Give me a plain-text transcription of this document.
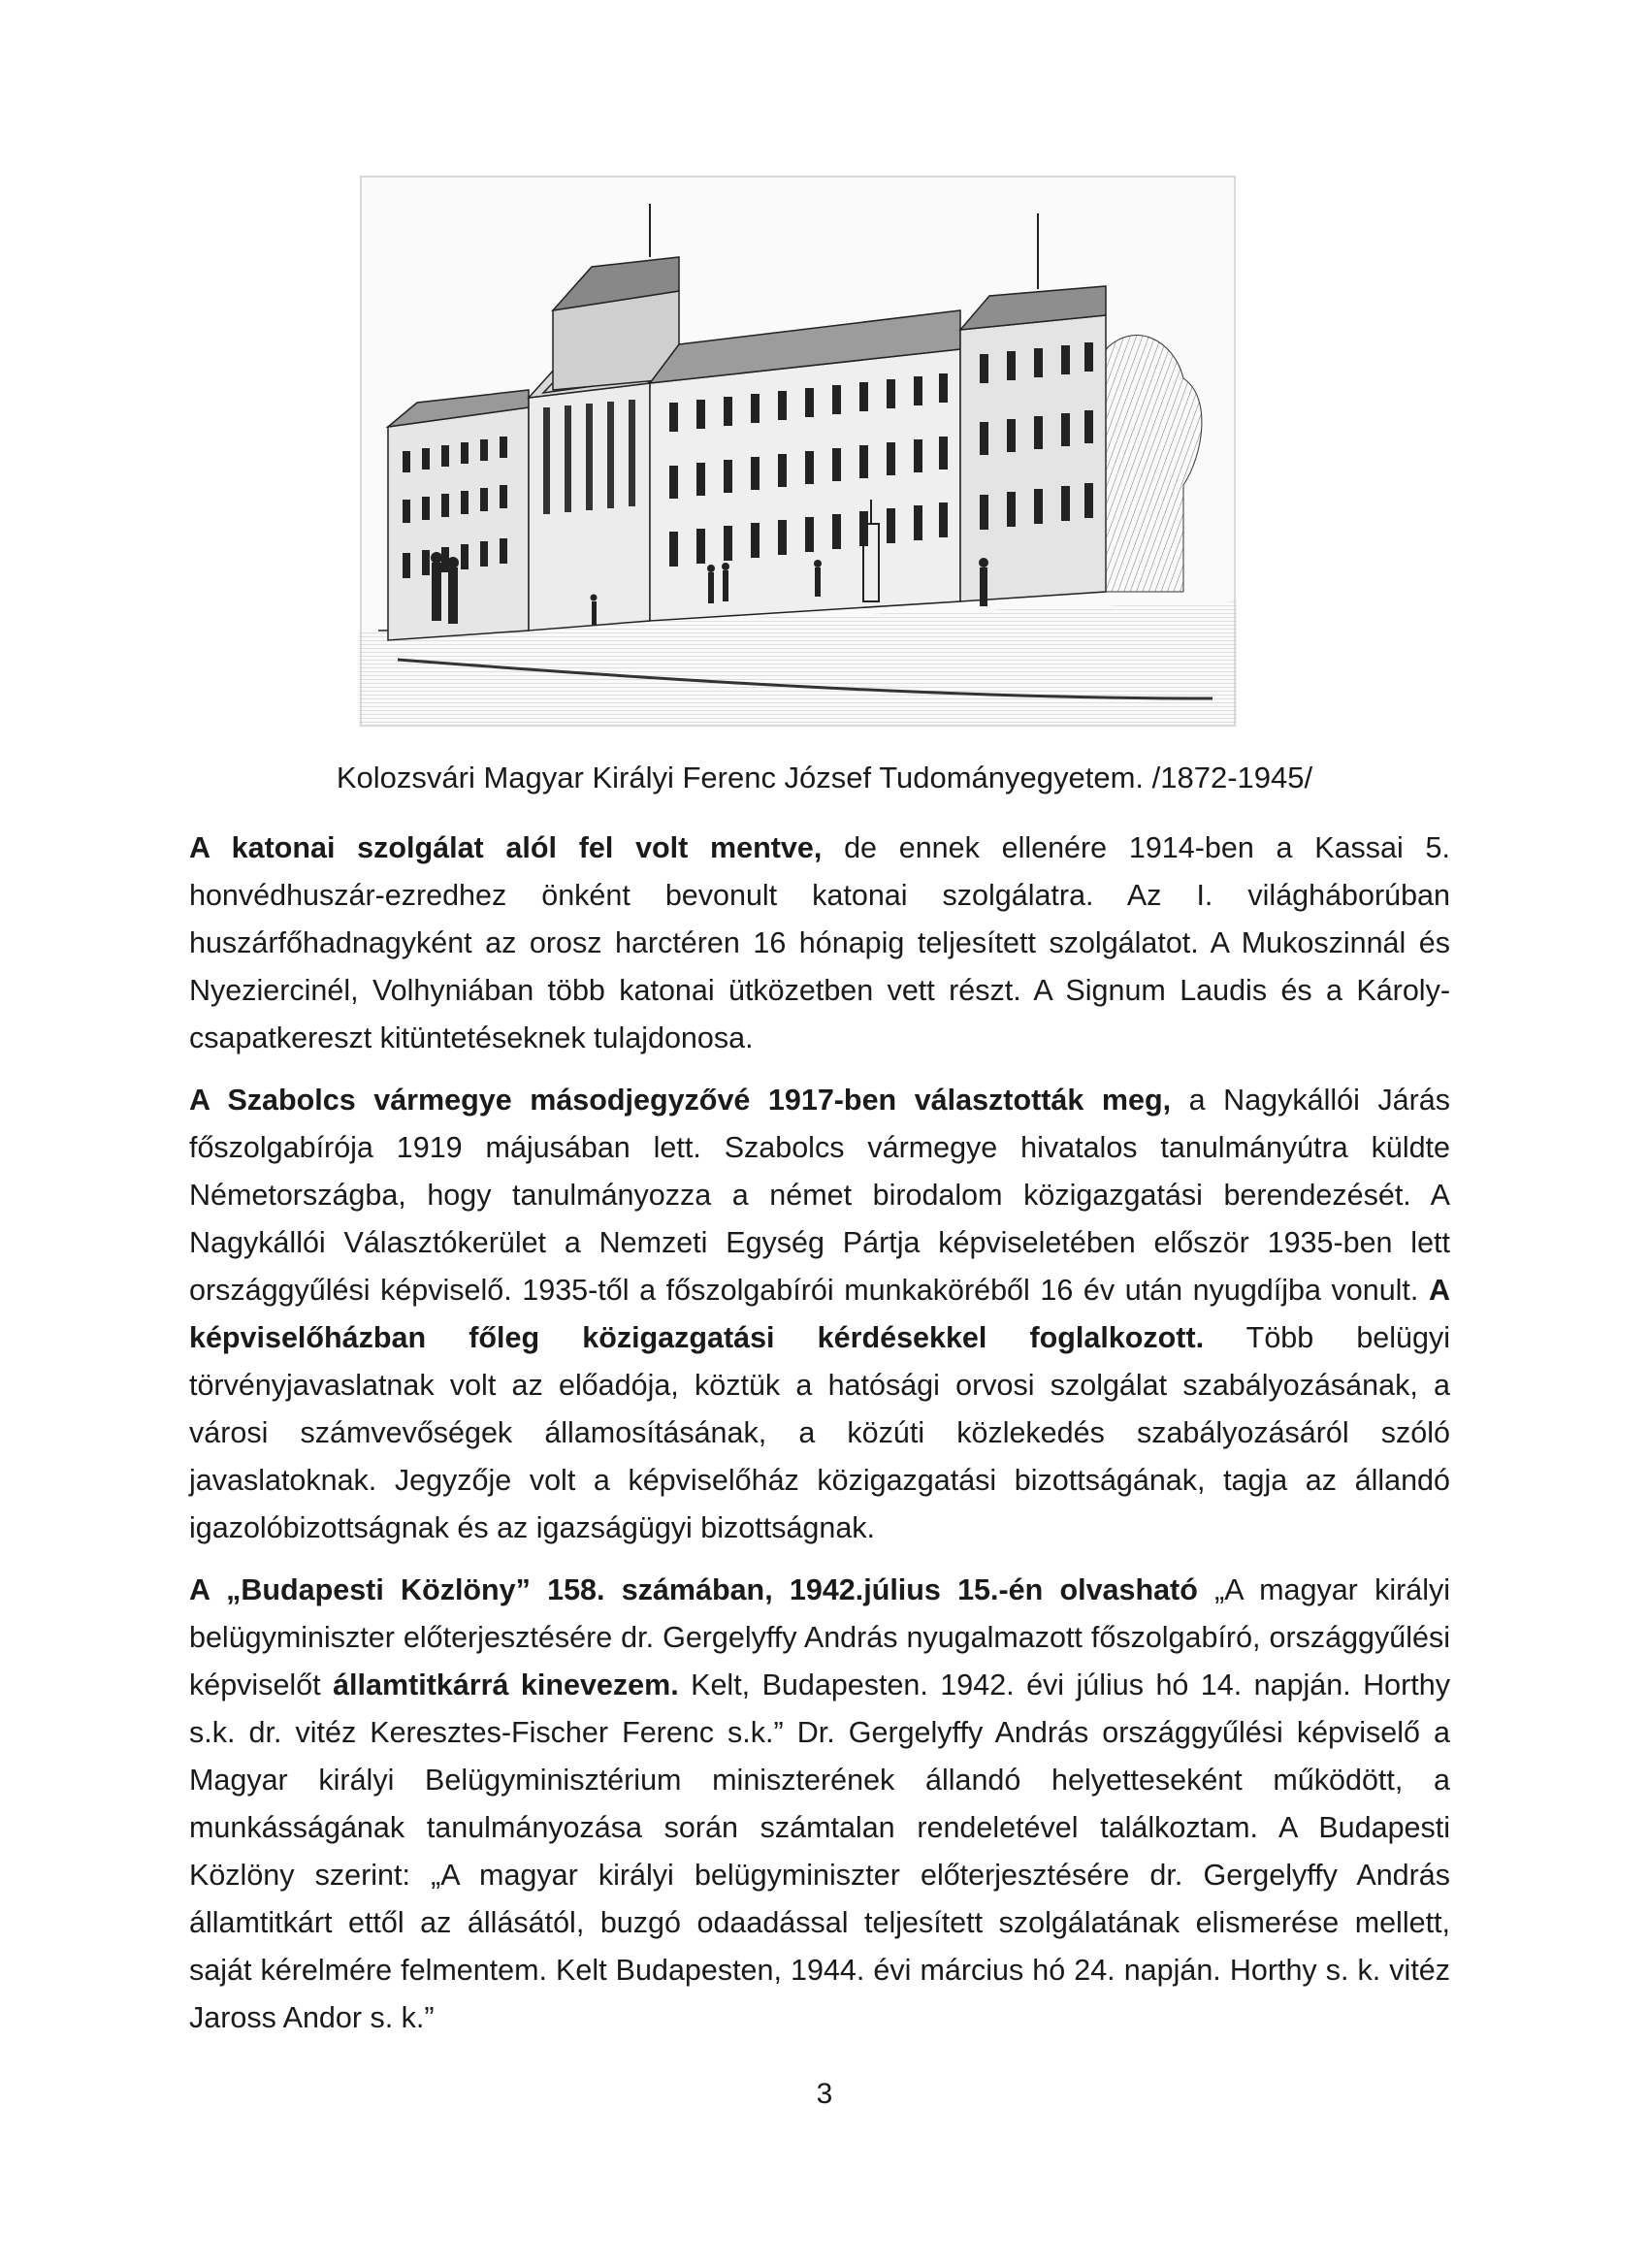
Kolozsvári Magyar Királyi Ferenc József Tudományegyetem. /1872-1945/

A katonai szolgálat alól fel volt mentve, de ennek ellenére 1914-ben a Kassai 5. honvédhuszár-ezredhez önként bevonult katonai szolgálatra. Az I. világháborúban huszárfőhadnagyként az orosz harctéren 16 hónapig teljesített szolgálatot. A Mukoszinnál és Nyeziercinél, Volhyniában több katonai ütközetben vett részt. A Signum Laudis és a Károly-csapatkereszt kitüntetéseknek tulajdonosa.

A Szabolcs vármegye másodjegyzővé 1917-ben választották meg, a Nagykállói Járás főszolgabírója 1919 májusában lett. Szabolcs vármegye hivatalos tanulmányútra küldte Németországba, hogy tanulmányozza a német birodalom közigazgatási berendezését. A Nagykállói Választókerület a Nemzeti Egység Pártja képviseletében először 1935-ben lett országgyűlési képviselő. 1935-től a főszolgabírói munkaköréből 16 év után nyugdíjba vonult. A képviselőházban főleg közigazgatási kérdésekkel foglalkozott. Több belügyi törvényjavaslatnak volt az előadója, köztük a hatósági orvosi szolgálat szabályozásának, a városi számvevőségek államosításának, a közúti közlekedés szabályozásáról szóló javaslatoknak. Jegyzője volt a képviselőház közigazgatási bizottságának, tagja az állandó igazolóbizottságnak és az igazságügyi bizottságnak.

A „Budapesti Közlöny” 158. számában, 1942.július 15.-én olvasható „A magyar királyi belügyminiszter előterjesztésére dr. Gergelyffy András nyugalmazott főszolgabíró, országgyűlési képviselőt államtitkárrá kinevezem. Kelt, Budapesten. 1942. évi július hó 14. napján. Horthy s.k. dr. vitéz Keresztes-Fischer Ferenc s.k.” Dr. Gergelyffy András országgyűlési képviselő a Magyar királyi Belügyminisztérium miniszterének állandó helyetteseként működött, a munkásságának tanulmányozása során számtalan rendeletével találkoztam. A Budapesti Közlöny szerint: „A magyar királyi belügyminiszter előterjesztésére dr. Gergelyffy András államtitkárt ettől az állásától, buzgó odaadással teljesített szolgálatának elismerése mellett, saját kérelmére felmentem. Kelt Budapesten, 1944. évi március hó 24. napján. Horthy s. k. vitéz Jaross Andor s. k.”

3
